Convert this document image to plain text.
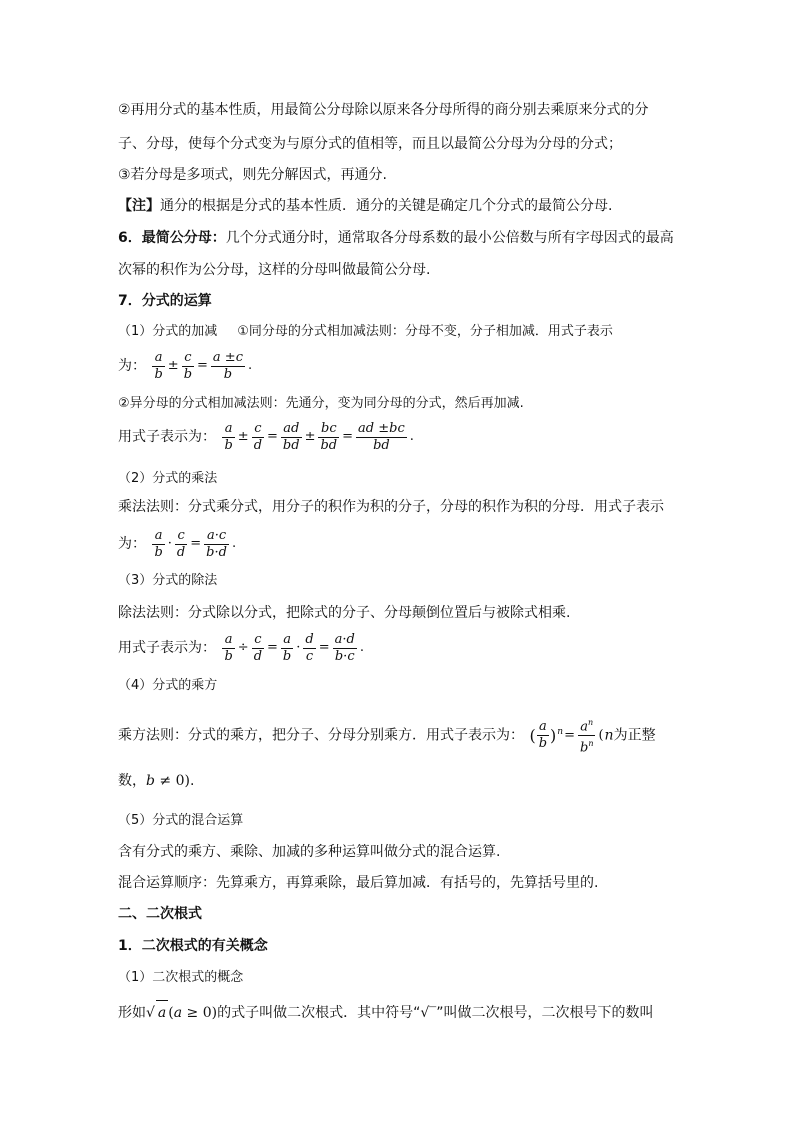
②再用分式的基本性质，用最简公分母除以原来各分母所得的商分别去乘原来分式的分
子、分母，使每个分式变为与原分式的值相等，而且以最简公分母为分母的分式；
③若分母是多项式，则先分解因式，再通分.
【注】通分的根据是分式的基本性质．通分的关键是确定几个分式的最简公分母.
6．最简公分母：几个分式通分时，通常取各分母系数的最小公倍数与所有字母因式的最高
次幂的积作为公分母，这样的分母叫做最简公分母.
7．分式的运算
（1）分式的加减 ①同分母的分式相加减法则：分母不变，分子相加减．用式子表示
为： $\frac{a}{b} \pm \frac{c}{b} = \frac{a \pm c}{b}$ .
②异分母的分式相加减法则：先通分，变为同分母的分式，然后再加减.
用式子表示为： $\frac{a}{b} \pm \frac{c}{d} = \frac{ad}{bd} \pm \frac{bc}{bd} = \frac{ad \pm bc}{bd}$ .
（2）分式的乘法
乘法法则：分式乘分式，用分子的积作为积的分子，分母的积作为积的分母．用式子表示
为： $\frac{a}{b} \cdot \frac{c}{d} = \frac{a\cdot c}{b\cdot d}$ .
（3）分式的除法
除法法则：分式除以分式，把除式的分子、分母颠倒位置后与被除式相乘.
用式子表示为： $\frac{a}{b} \div \frac{c}{d} = \frac{a}{b} \cdot \frac{d}{c} = \frac{a\cdot d}{b\cdot c}$ .
（4）分式的乘方
乘方法则：分式的乘方，把分子、分母分别乘方．用式子表示为： ( $\frac{a}{b} )^n= \frac{a^n}{b^n} (n$为正整
数，b ≠ 0).
（5）分式的混合运算
含有分式的乘方、乘除、加减的多种运算叫做分式的混合运算.
混合运算顺序：先算乘方，再算乘除，最后算加减．有括号的，先算括号里的.
二、二次根式
1．二次根式的有关概念
（1）二次根式的概念
形如√ a (a ≥ 0)的式子叫做二次根式．其中符号“√‾”叫做二次根号，二次根号下的数叫
